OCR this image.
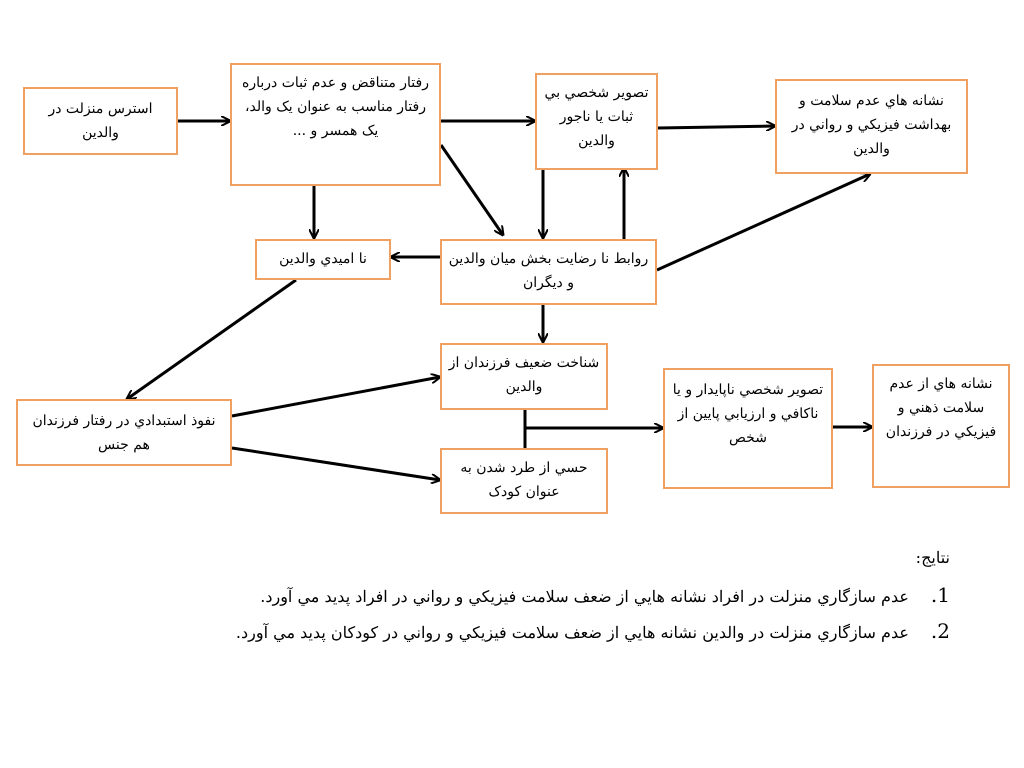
استرس منزلت در والدين
رفتار متناقض و عدم ثبات درباره رفتار مناسب به عنوان يک والد، يک همسر و ...
تصوير شخصي بي ثبات يا ناجور والدين
نشانه هاي عدم سلامت و بهداشت فيزيکي و رواني در والدين
نا اميدي والدين	روابط نا رضايت بخش ميان والدين و ديگران
شناخت ضعيف فرزندان از والدين
نفوذ استبدادي در رفتار فرزندان هم جنس
حسي از طرد شدن به عنوان کودک
تصوير شخصي ناپايدار و يا ناکافي و ارزيابي پايين از شخص
نشانه هاي از عدم سلامت ذهني و فيزيکي در فرزندان
نتايج:
1. عدم سازگاري منزلت در افراد نشانه هايي از ضعف سلامت فيزيکي و رواني در افراد پديد مي آورد.
2. عدم سازگاري منزلت در والدين نشانه هايي از ضعف سلامت فيزيکي و رواني در کودکان پديد مي آورد.
